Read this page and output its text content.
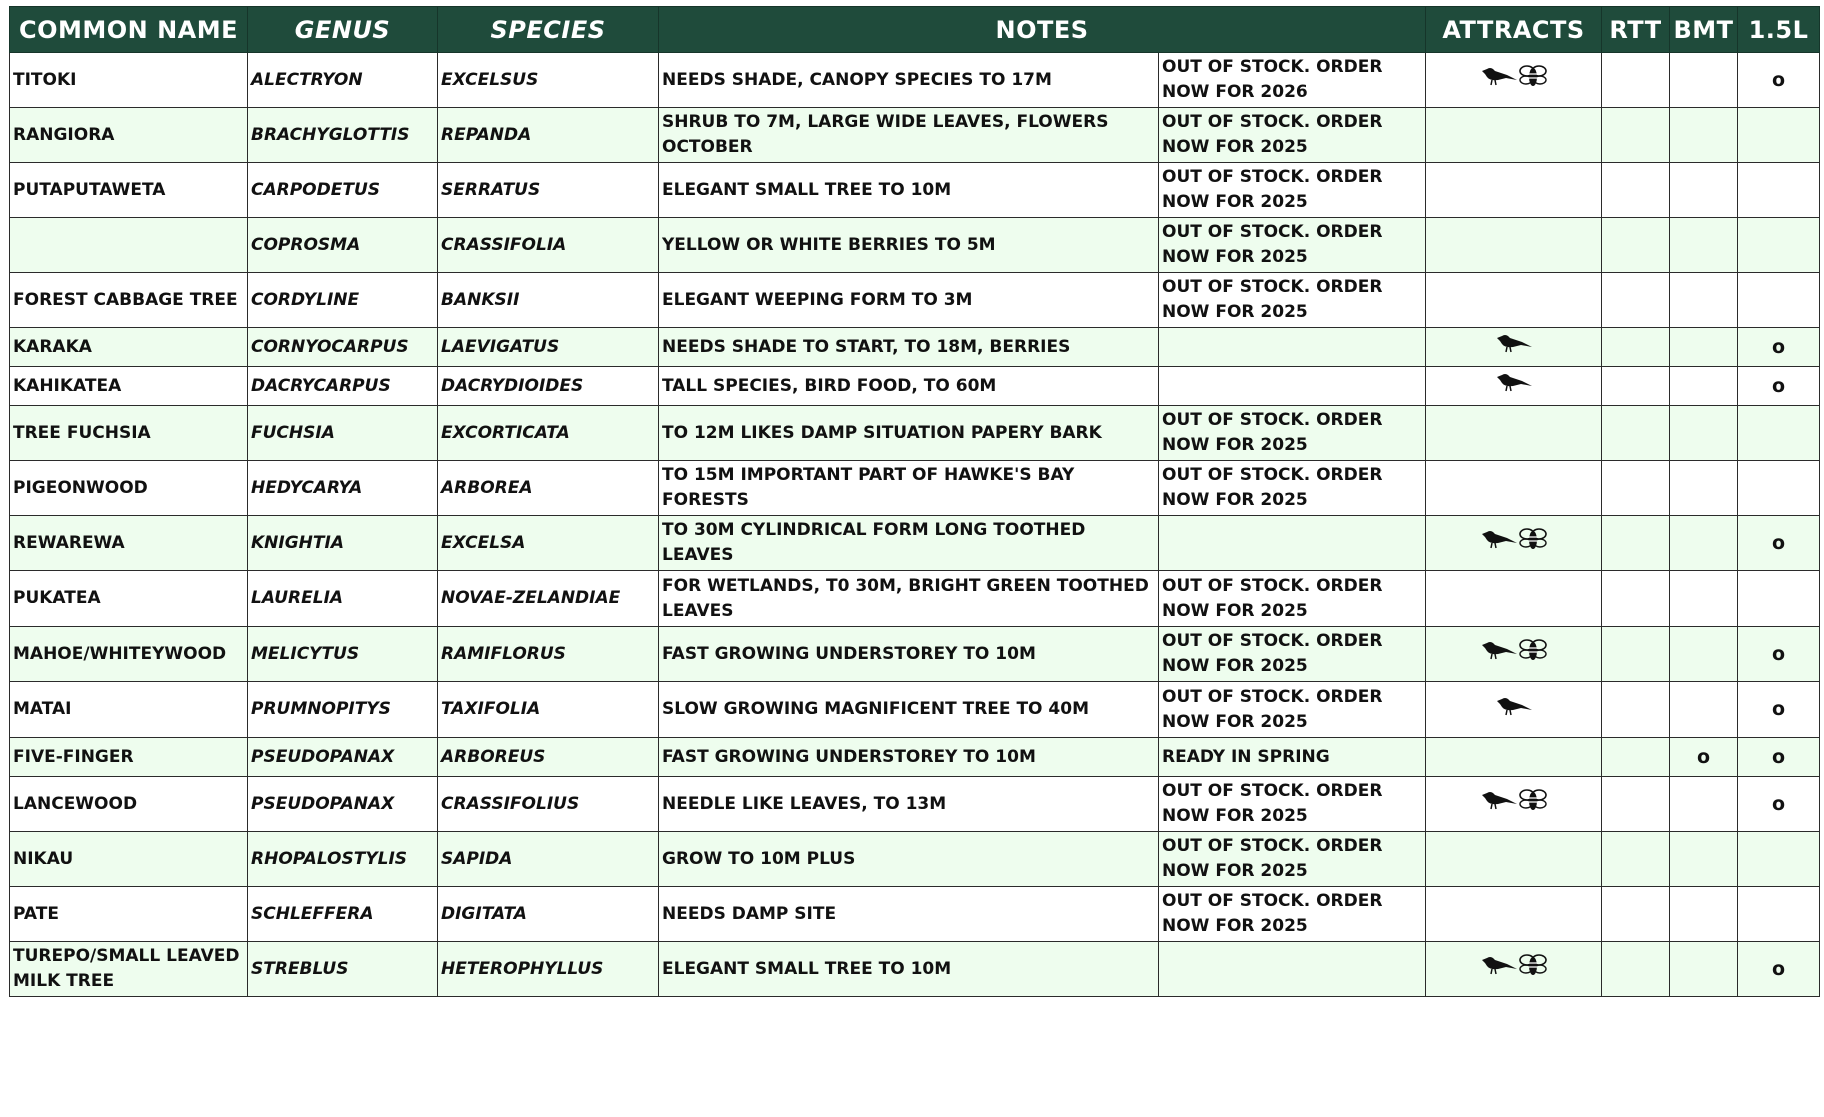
COMMON NAME	GENUS	SPECIES	NOTES		ATTRACTS	RTT	BMT	1.5L
TITOKI	ALECTRYON	EXCELSUS	NEEDS SHADE, CANOPY SPECIES TO 17M	OUT OF STOCK. ORDER NOW FOR 2026				o
RANGIORA	BRACHYGLOTTIS	REPANDA	SHRUB TO 7M, LARGE WIDE LEAVES, FLOWERS OCTOBER	OUT OF STOCK. ORDER NOW FOR 2025				
PUTAPUTAWETA	CARPODETUS	SERRATUS	ELEGANT SMALL TREE TO 10M	OUT OF STOCK. ORDER NOW FOR 2025				
	COPROSMA	CRASSIFOLIA	YELLOW OR WHITE BERRIES TO 5M	OUT OF STOCK. ORDER NOW FOR 2025				
FOREST CABBAGE TREE	CORDYLINE	BANKSII	ELEGANT WEEPING FORM TO 3M	OUT OF STOCK. ORDER NOW FOR 2025				
KARAKA	CORNYOCARPUS	LAEVIGATUS	NEEDS SHADE TO START, TO 18M, BERRIES					o
KAHIKATEA	DACRYCARPUS	DACRYDIOIDES	TALL SPECIES, BIRD FOOD, TO 60M					o
TREE FUCHSIA	FUCHSIA	EXCORTICATA	TO 12M LIKES DAMP SITUATION PAPERY BARK	OUT OF STOCK. ORDER NOW FOR 2025				
PIGEONWOOD	HEDYCARYA	ARBOREA	TO 15M IMPORTANT PART OF HAWKE'S BAY FORESTS	OUT OF STOCK. ORDER NOW FOR 2025				
REWAREWA	KNIGHTIA	EXCELSA	TO 30M CYLINDRICAL FORM LONG TOOTHED LEAVES					o
PUKATEA	LAURELIA	NOVAE-ZELANDIAE	FOR WETLANDS, T0 30M, BRIGHT GREEN TOOTHED LEAVES	OUT OF STOCK. ORDER NOW FOR 2025				
MAHOE/WHITEYWOOD	MELICYTUS	RAMIFLORUS	FAST GROWING UNDERSTOREY TO 10M	OUT OF STOCK. ORDER NOW FOR 2025				o
MATAI	PRUMNOPITYS	TAXIFOLIA	SLOW GROWING MAGNIFICENT TREE TO 40M	OUT OF STOCK. ORDER NOW FOR 2025				o
FIVE-FINGER	PSEUDOPANAX	ARBOREUS	FAST GROWING UNDERSTOREY TO 10M	READY IN SPRING			o	o
LANCEWOOD	PSEUDOPANAX	CRASSIFOLIUS	NEEDLE LIKE LEAVES, TO 13M	OUT OF STOCK. ORDER NOW FOR 2025				o
NIKAU	RHOPALOSTYLIS	SAPIDA	GROW TO 10M PLUS	OUT OF STOCK. ORDER NOW FOR 2025				
PATE	SCHLEFFERA	DIGITATA	NEEDS DAMP SITE	OUT OF STOCK. ORDER NOW FOR 2025				
TUREPO/SMALL LEAVED MILK TREE	STREBLUS	HETEROPHYLLUS	ELEGANT SMALL TREE TO 10M					o
